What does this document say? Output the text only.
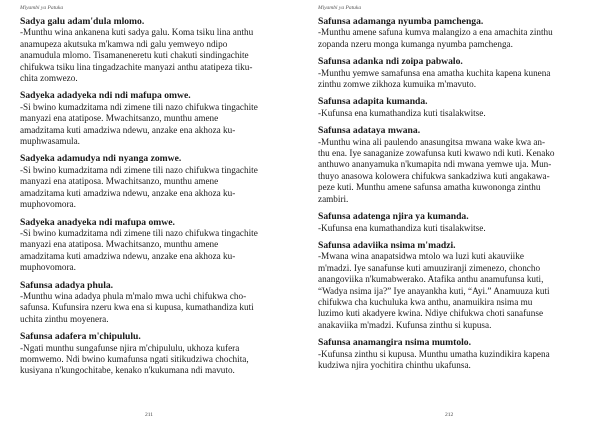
Miyambi ya Patuka
Sadya galu adam'dula mlomo.
-Munthu wina ankanena kuti sadya galu. Koma tsiku lina anthu
anamupeza akutsuka m'kamwa ndi galu yemweyo ndipo
anamudula mlomo. Tisamaneneretu kuti chakuti sindingachite
chifukwa tsiku lina tingadzachite manyazi anthu atatipeza tiku-
chita zomwezo.
Sadyeka adadyeka ndi ndi mafupa omwe.
-Si bwino kumadzitama ndi zimene tili nazo chifukwa tingachite
manyazi ena atatipose. Mwachitsanzo, munthu amene
amadzitama kuti amadziwa ndewu, anzake ena akhoza ku-
muphwasamula.
Sadyeka adamudya ndi nyanga zomwe.
-Si bwino kumadzitama ndi zimene tili nazo chifukwa tingachite
manyazi ena atatiposa. Mwachitsanzo, munthu amene
amadzitama kuti amadziwa ndewu, anzake ena akhoza ku-
muphovomora.
Sadyeka anadyeka ndi mafupa omwe.
-Si bwino kumadzitama ndi zimene tili nazo chifukwa tingachite
manyazi ena atatiposa. Mwachitsanzo, munthu amene
amadzitama kuti amadziwa ndewu, anzake ena akhoza ku-
muphovomora.
Safunsa adadya phula.
-Munthu wina adadya phula m'malo mwa uchi chifukwa cho-
safunsa. Kufunsira nzeru kwa ena si kupusa, kumathandiza kuti
uchita zinthu moyenera.
Safunsa adafera m'chipululu.
-Ngati munthu sungafunse njira m'chipululu, ukhoza kufera
momwemo. Ndi bwino kumafunsa ngati sitikudziwa chochita,
kusiyana n'kungochitabe, kenako n'kukumana ndi mavuto.
211
Miyambi ya Patuka
Safunsa adamanga nyumba pamchenga.
-Munthu amene safuna kumva malangizo a ena amachita zinthu
zopanda nzeru monga kumanga nyumba pamchenga.
Safunsa adanka ndi zoipa pabwalo.
-Munthu yemwe samafunsa ena amatha kuchita kapena kunena
zinthu zomwe zikhoza kumuika m'mavuto.
Safunsa adapita kumanda.
-Kufunsa ena kumathandiza kuti tisalakwitse.
Safunsa adataya mwana.
-Munthu wina ali paulendo anasungitsa mwana wake kwa an-
thu ena. Iye sanaganize zowafunsa kuti kwawo ndi kuti. Kenako
anthuwo ananyamuka n'kumapita ndi mwana yemwe uja. Mun-
thuyo anasowa kolowera chifukwa sankadziwa kuti angakawa-
peze kuti. Munthu amene safunsa amatha kuwononga zinthu
zambiri.
Safunsa adatenga njira ya kumanda.
-Kufunsa ena kumathandiza kuti tisalakwitse.
Safunsa adaviika nsima m'madzi.
-Mwana wina anapatsidwa mtolo wa luzi kuti akauviike
m'madzi. Iye sanafunse kuti amuuziranji zimenezo, choncho
anangoviika n'kumabwerako. Atafika anthu anamufunsa kuti,
“Wadya nsima ija?” Iye anayankha kuti, “Ayi.” Anamuuza kuti
chifukwa cha kuchuluka kwa anthu, anamuikira nsima mu
luzimo kuti akadyere kwina. Ndiye chifukwa choti sanafunse
anakaviika m'madzi. Kufunsa zinthu si kupusa.
Safunsa anamangira nsima mumtolo.
-Kufunsa zinthu si kupusa. Munthu umatha kuzindikira kapena
kudziwa njira yochitira chinthu ukafunsa.
212
